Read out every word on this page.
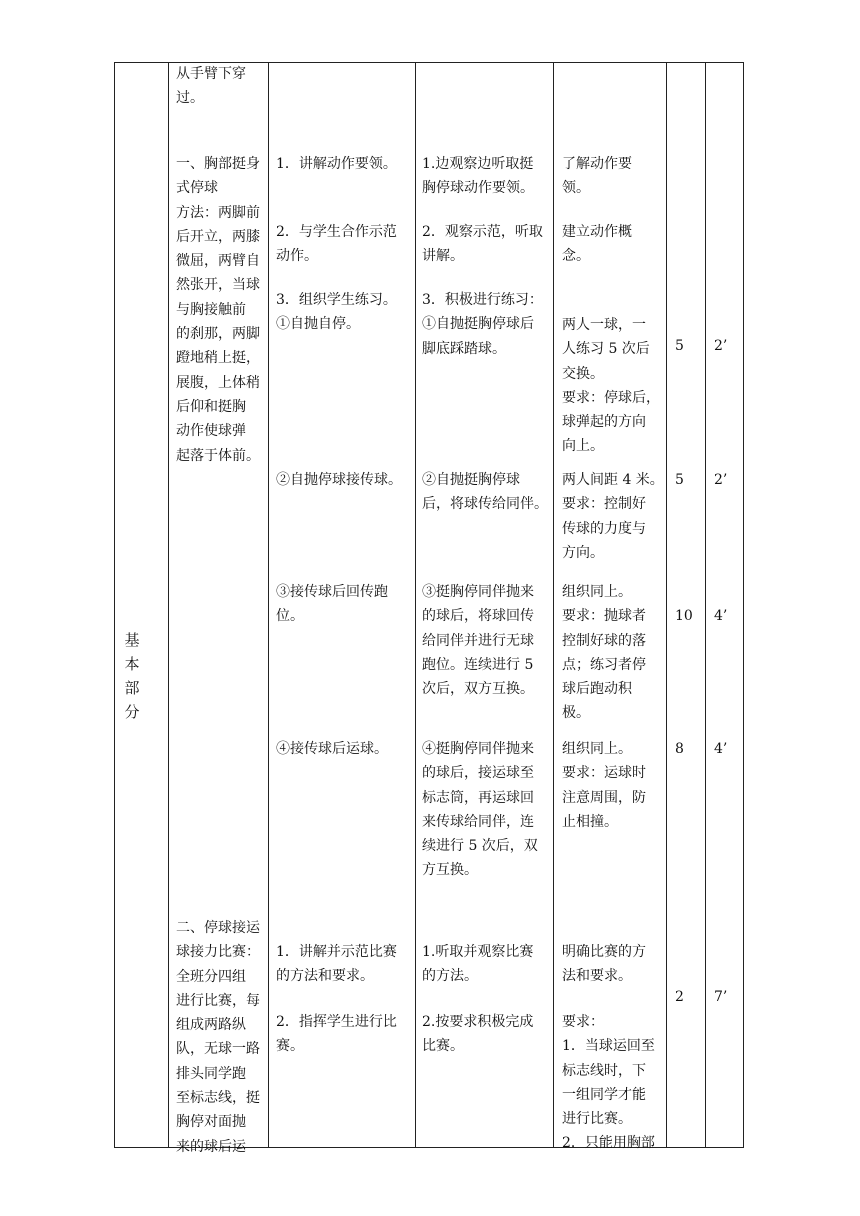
基
本
部
分
从手臂下穿
过。
一、胸部挺身
式停球
方法：两脚前
后开立，两膝
微屈，两臂自
然张开，当球
与胸接触前
的刹那，两脚
蹬地稍上挺，
展腹，上体稍
后仰和挺胸
动作使球弹
起落于体前。
二、停球接运
球接力比赛：
全班分四组
进行比赛，每
组成两路纵
队，无球一路
排头同学跑
至标志线，挺
胸停对面抛
来的球后运
1．讲解动作要领。
2．与学生合作示范
动作。
3．组织学生练习。
①自抛自停。
②自抛停球接传球。
③接传球后回传跑
位。
④接传球后运球。
1．讲解并示范比赛
的方法和要求。
2．指挥学生进行比
赛。
1.边观察边听取挺
胸停球动作要领。
2．观察示范，听取
讲解。
3．积极进行练习：
①自抛挺胸停球后
脚底踩踏球。
②自抛挺胸停球
后，将球传给同伴。
③挺胸停同伴抛来
的球后，将球回传
给同伴并进行无球
跑位。连续进行 5
次后，双方互换。
④挺胸停同伴抛来
的球后，接运球至
标志筒，再运球回
来传球给同伴，连
续进行 5 次后，双
方互换。
1.听取并观察比赛
的方法。
2.按要求积极完成
比赛。
了解动作要
领。
建立动作概
念。
两人一球，一
人练习 5 次后
交换。
要求：停球后，
球弹起的方向
向上。
两人间距 4 米。
要求：控制好
传球的力度与
方向。
组织同上。
要求：抛球者
控制好球的落
点；练习者停
球后跑动积
极。
组织同上。
要求：运球时
注意周围，防
止相撞。
明确比赛的方
法和要求。
要求：
1．当球运回至
标志线时，下
一组同学才能
进行比赛。
2．只能用胸部
5
5
10
8
2
2’
2’
4’
4’
7’
